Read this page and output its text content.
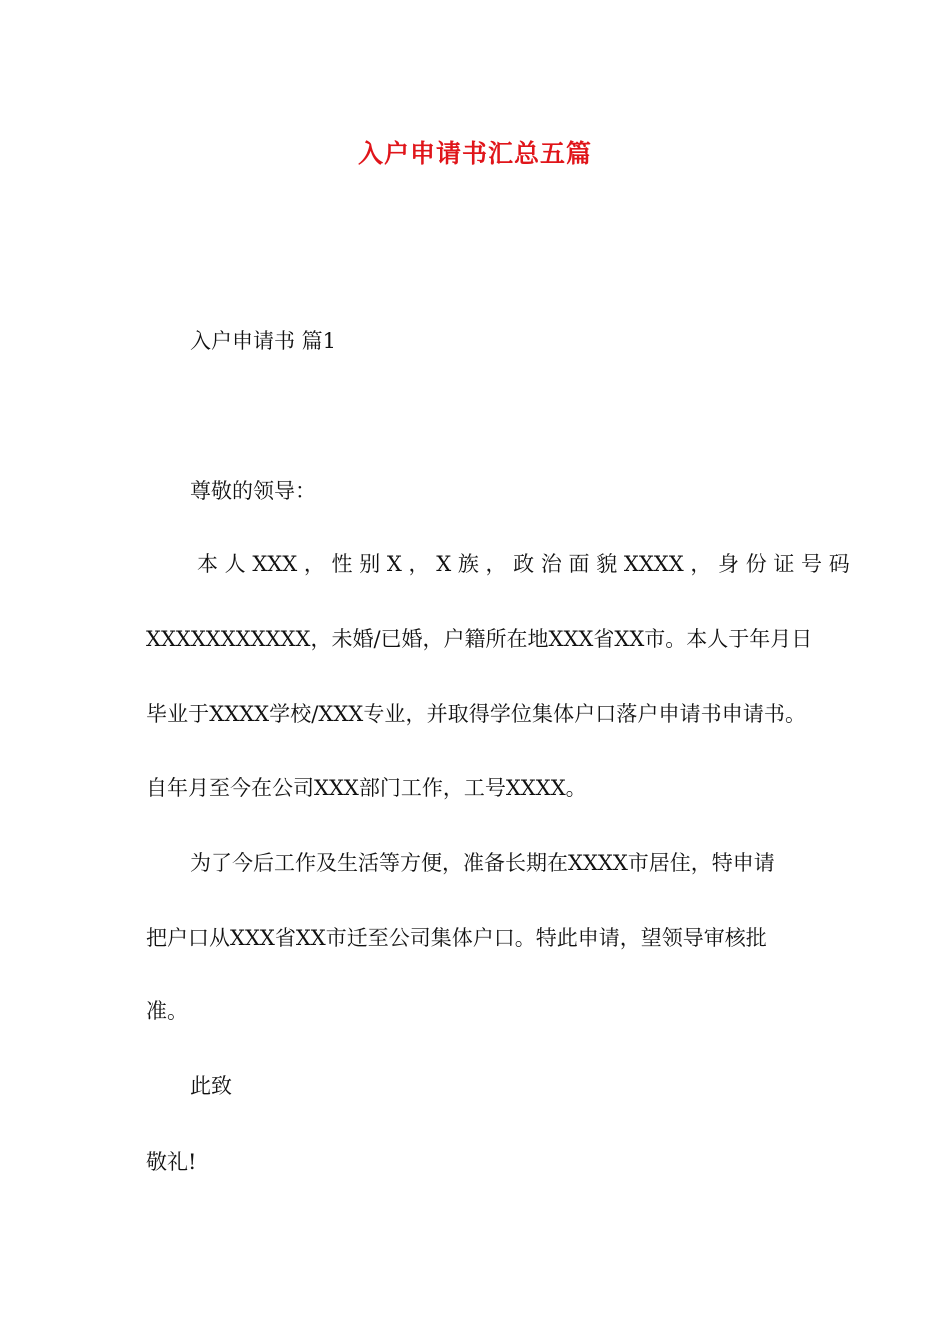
入户申请书汇总五篇
入户申请书 篇1
尊敬的领导：
本 人 XXX ， 性 别 X ， X 族 ， 政 治 面 貌 XXXX ， 身 份 证 号 码
XXXXXXXXXXX，未婚/已婚，户籍所在地XXX省XX市。本人于年月日
毕业于XXXX学校/XXX专业，并取得学位集体户口落户申请书申请书。
自年月至今在公司XXX部门工作，工号XXXX。
为了今后工作及生活等方便，准备长期在XXXX市居住，特申请
把户口从XXX省XX市迁至公司集体户口。特此申请，望领导审核批
准。
此致
敬礼!
